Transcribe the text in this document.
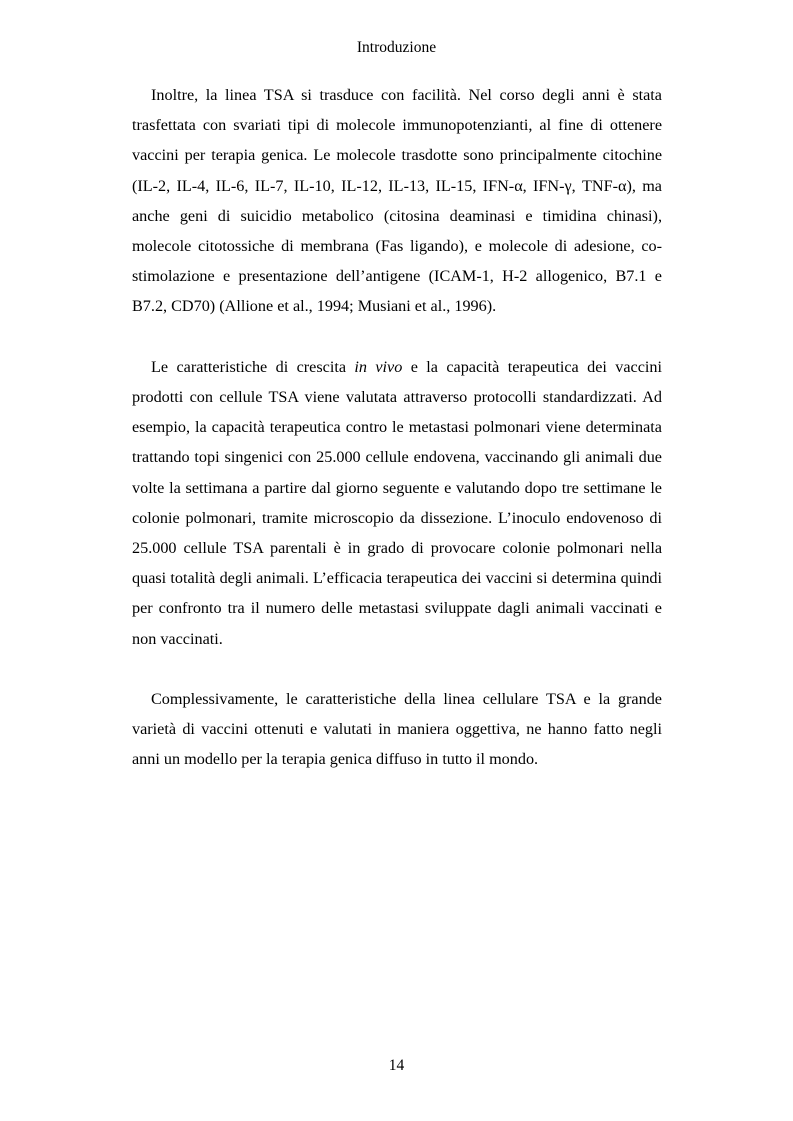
Introduzione

Inoltre, la linea TSA si trasduce con facilità. Nel corso degli anni è stata trasfettata con svariati tipi di molecole immunopotenzianti, al fine di ottenere vaccini per terapia genica. Le molecole trasdotte sono principalmente citochine (IL-2, IL-4, IL-6, IL-7, IL-10, IL-12, IL-13, IL-15, IFN-α, IFN-γ, TNF-α), ma anche geni di suicidio metabolico (citosina deaminasi e timidina chinasi), molecole citotossiche di membrana (Fas ligando), e molecole di adesione, co-stimolazione e presentazione dell’antigene (ICAM-1, H-2 allogenico, B7.1 e B7.2, CD70) (Allione et al., 1994; Musiani et al., 1996).

Le caratteristiche di crescita in vivo e la capacità terapeutica dei vaccini prodotti con cellule TSA viene valutata attraverso protocolli standardizzati. Ad esempio, la capacità terapeutica contro le metastasi polmonari viene determinata trattando topi singenici con 25.000 cellule endovena, vaccinando gli animali due volte la settimana a partire dal giorno seguente e valutando dopo tre settimane le colonie polmonari, tramite microscopio da dissezione. L’inoculo endovenoso di 25.000 cellule TSA parentali è in grado di provocare colonie polmonari nella quasi totalità degli animali. L’efficacia terapeutica dei vaccini si determina quindi per confronto tra il numero delle metastasi sviluppate dagli animali vaccinati e non vaccinati.

Complessivamente, le caratteristiche della linea cellulare TSA e la grande varietà di vaccini ottenuti e valutati in maniera oggettiva, ne hanno fatto negli anni un modello per la terapia genica diffuso in tutto il mondo.

14
